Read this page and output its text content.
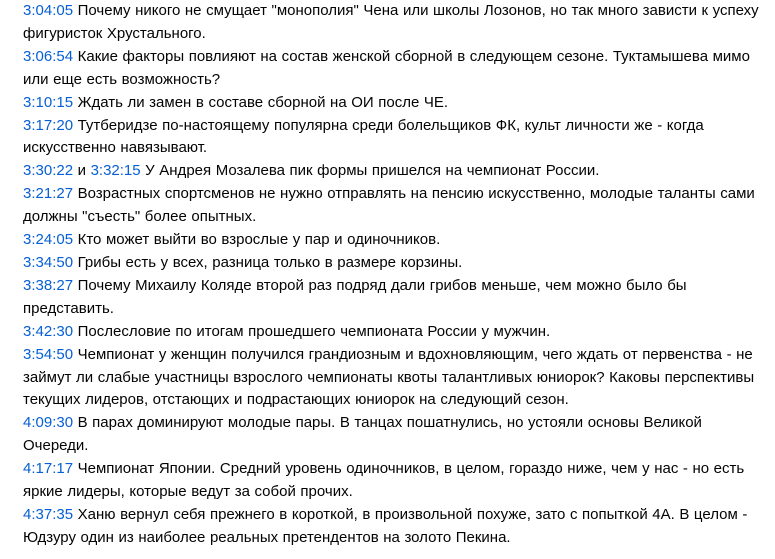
3:04:05 Почему никого не смущает "монополия" Чена или школы Лозонов, но так много зависти к успеху фигуристок Хрустального.

3:06:54 Какие факторы повлияют на состав женской сборной в следующем сезоне. Туктамышева мимо или еще есть возможность?

3:10:15 Ждать ли замен в составе сборной на ОИ после ЧЕ.

3:17:20 Тутберидзе по-настоящему популярна среди болельщиков ФК, культ личности же - когда искусственно навязывают.

3:30:22 и 3:32:15 У Андрея Мозалева пик формы пришелся на чемпионат России.

3:21:27 Возрастных спортсменов не нужно отправлять на пенсию искусственно, молодые таланты сами должны "съесть" более опытных.

3:24:05 Кто может выйти во взрослые у пар и одиночников.

3:34:50 Грибы есть у всех, разница только в размере корзины.

3:38:27 Почему Михаилу Коляде второй раз подряд дали грибов меньше, чем можно было бы представить.

3:42:30 Послесловие по итогам прошедшего чемпионата России у мужчин.

3:54:50 Чемпионат у женщин получился грандиозным и вдохновляющим, чего ждать от первенства - не займут ли слабые участницы взрослого чемпионаты квоты талантливых юниорок? Каковы перспективы текущих лидеров, отстающих и подрастающих юниорок на следующий сезон.

4:09:30 В парах доминируют молодые пары. В танцах пошатнулись, но устояли основы Великой Очереди.

4:17:17 Чемпионат Японии. Средний уровень одиночников, в целом, гораздо ниже, чем у нас - но есть яркие лидеры, которые ведут за собой прочих.

4:37:35 Ханю вернул себя прежнего в короткой, в произвольной похуже, зато с попыткой 4А. В целом - Юдзуру один из наиболее реальных претендентов на золото Пекина.
